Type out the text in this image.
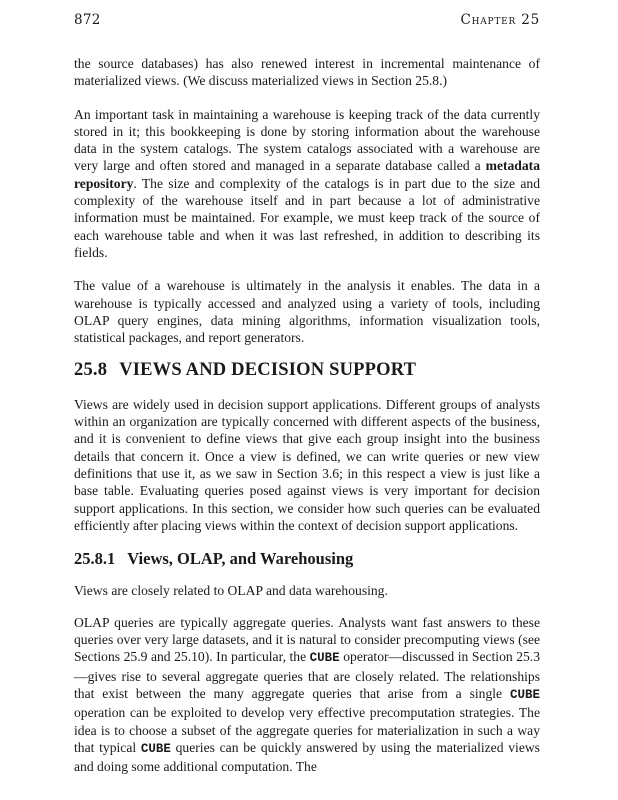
872	Chapter 25

the source databases) has also renewed interest in incremental maintenance of materialized views. (We discuss materialized views in Section 25.8.)

An important task in maintaining a warehouse is keeping track of the data currently stored in it; this bookkeeping is done by storing information about the warehouse data in the system catalogs. The system catalogs associated with a warehouse are very large and often stored and managed in a separate database called a metadata repository. The size and complexity of the catalogs is in part due to the size and complexity of the warehouse itself and in part because a lot of administrative information must be maintained. For example, we must keep track of the source of each warehouse table and when it was last refreshed, in addition to describing its fields.

The value of a warehouse is ultimately in the analysis it enables. The data in a warehouse is typically accessed and analyzed using a variety of tools, including OLAP query engines, data mining algorithms, information visualization tools, statistical packages, and report generators.

25.8 VIEWS AND DECISION SUPPORT

Views are widely used in decision support applications. Different groups of analysts within an organization are typically concerned with different aspects of the business, and it is convenient to define views that give each group insight into the business details that concern it. Once a view is defined, we can write queries or new view definitions that use it, as we saw in Section 3.6; in this respect a view is just like a base table. Evaluating queries posed against views is very important for decision support applications. In this section, we consider how such queries can be evaluated efficiently after placing views within the context of decision support applications.

25.8.1 Views, OLAP, and Warehousing

Views are closely related to OLAP and data warehousing.

OLAP queries are typically aggregate queries. Analysts want fast answers to these queries over very large datasets, and it is natural to consider precomputing views (see Sections 25.9 and 25.10). In particular, the CUBE operator—discussed in Section 25.3—gives rise to several aggregate queries that are closely related. The relationships that exist between the many aggregate queries that arise from a single CUBE operation can be exploited to develop very effective precomputation strategies. The idea is to choose a subset of the aggregate queries for materialization in such a way that typical CUBE queries can be quickly answered by using the materialized views and doing some additional computation. The
